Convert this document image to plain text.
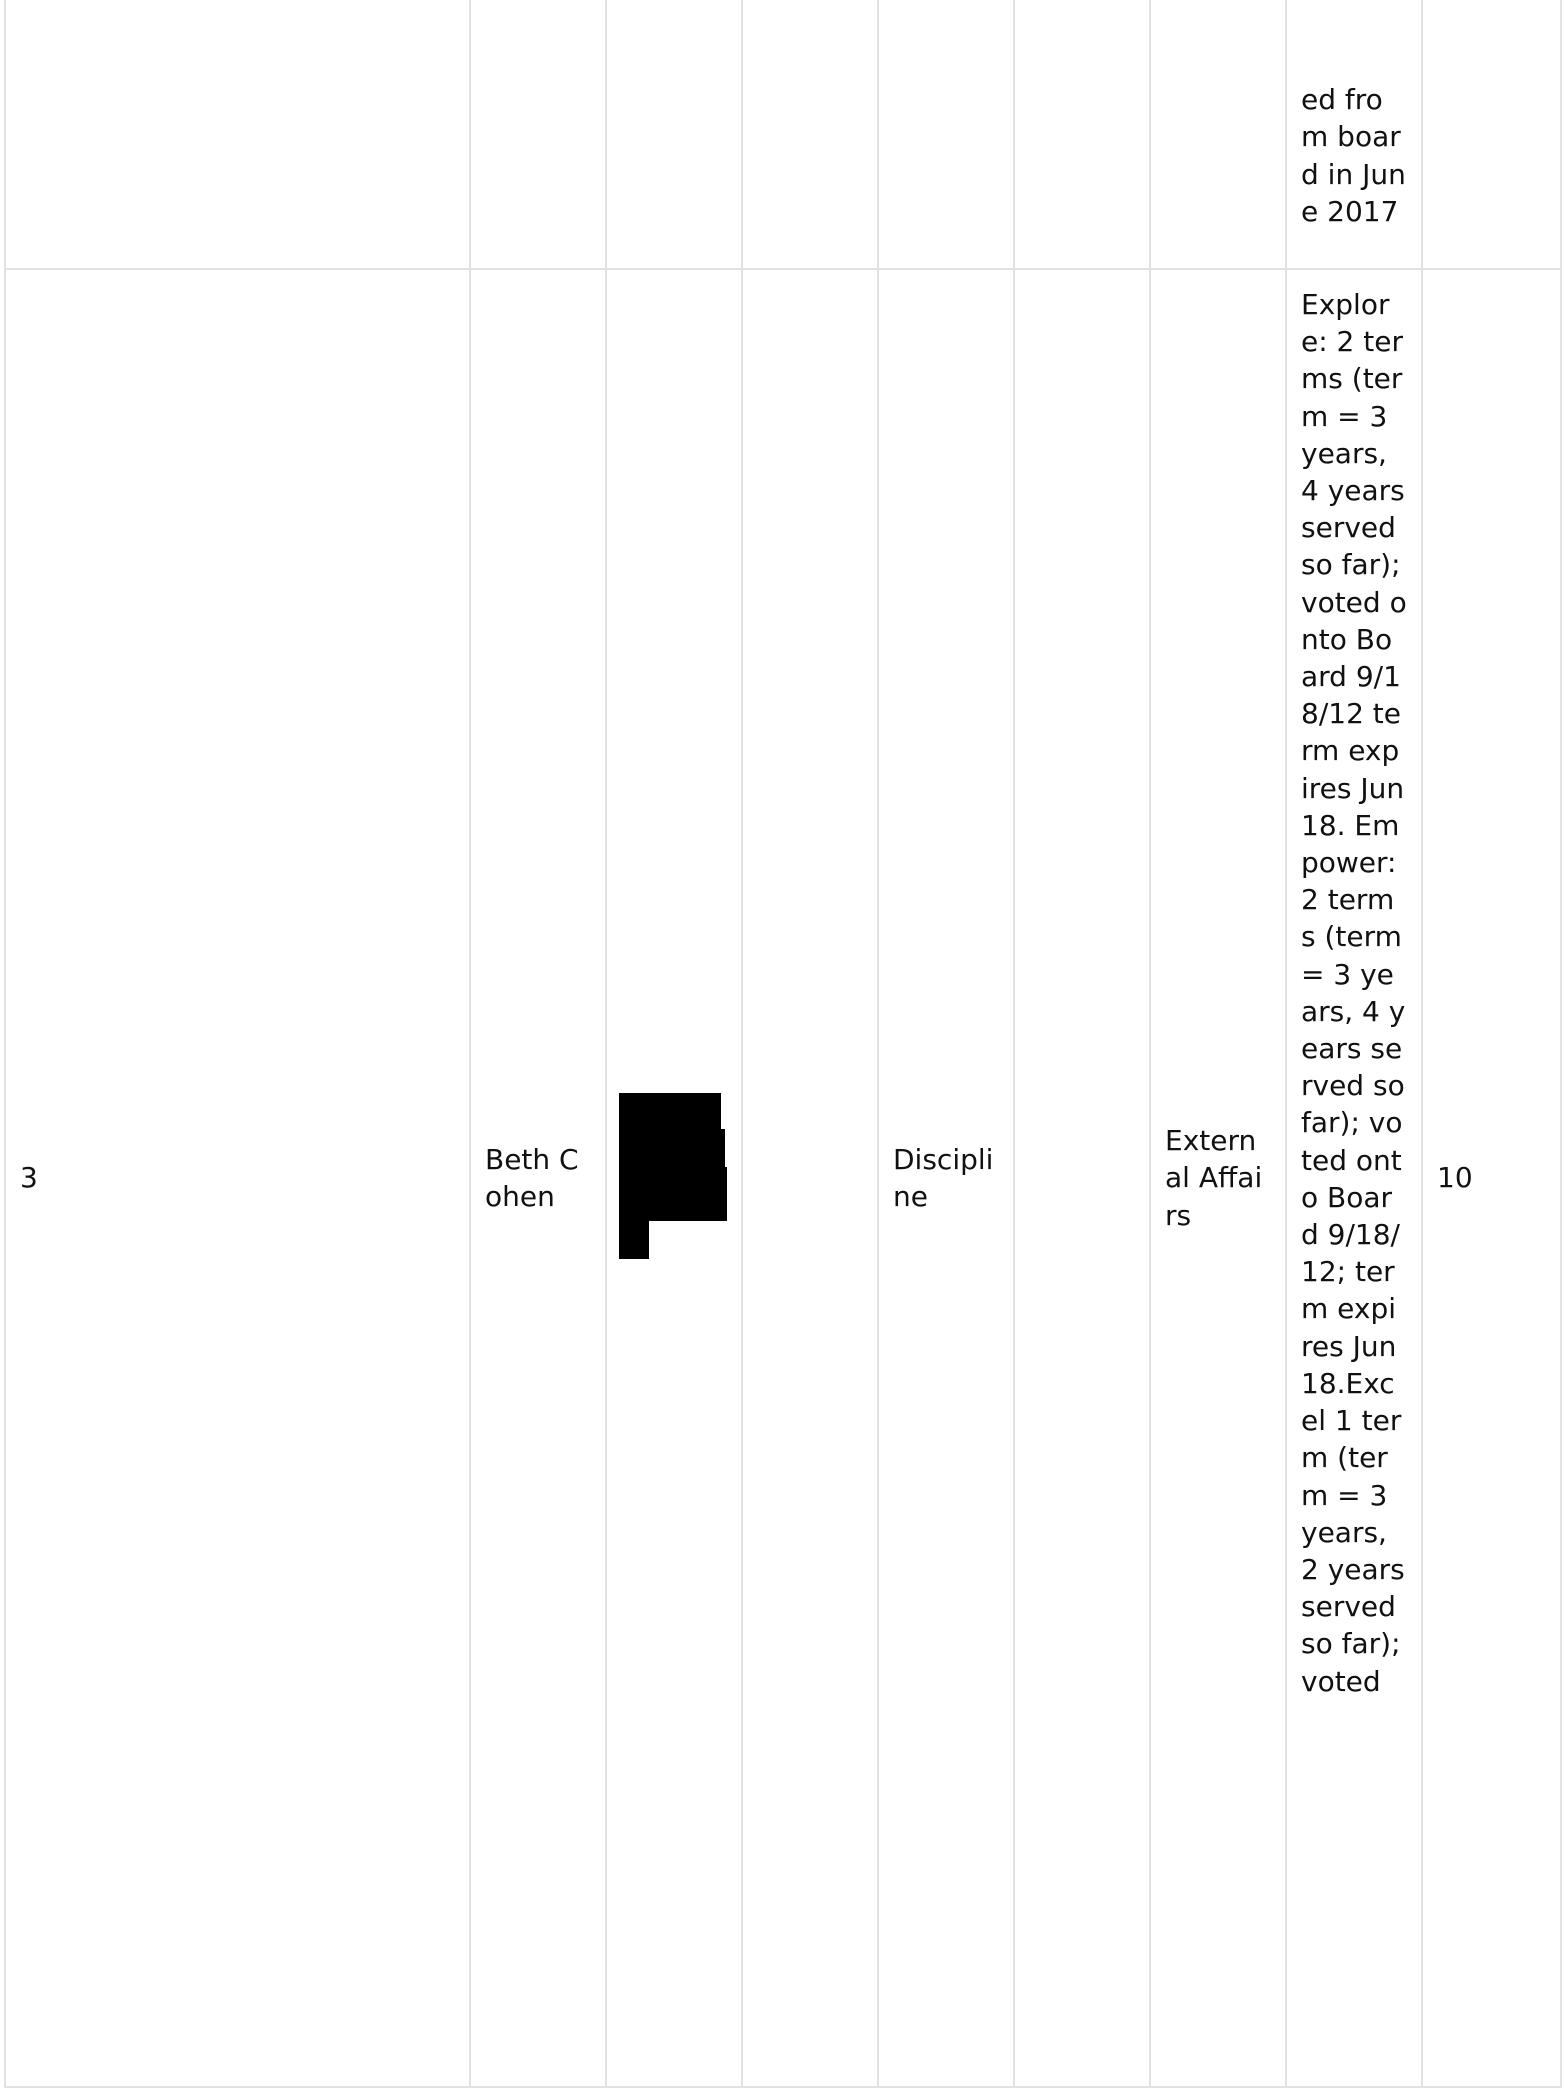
							ed from board in June 2017	
3	Beth Cohen			Discipline		External Affairs	Explore: 2 terms (term = 3 years, 4 years served so far); voted onto Board 9/18/12 term expires Jun 18. Empower: 2 terms (term= 3 years, 4 years served so far); voted onto Board 9/18/12; term expires Jun 18.Excel 1 term (term = 3 years, 2 years served so far); voted	10
